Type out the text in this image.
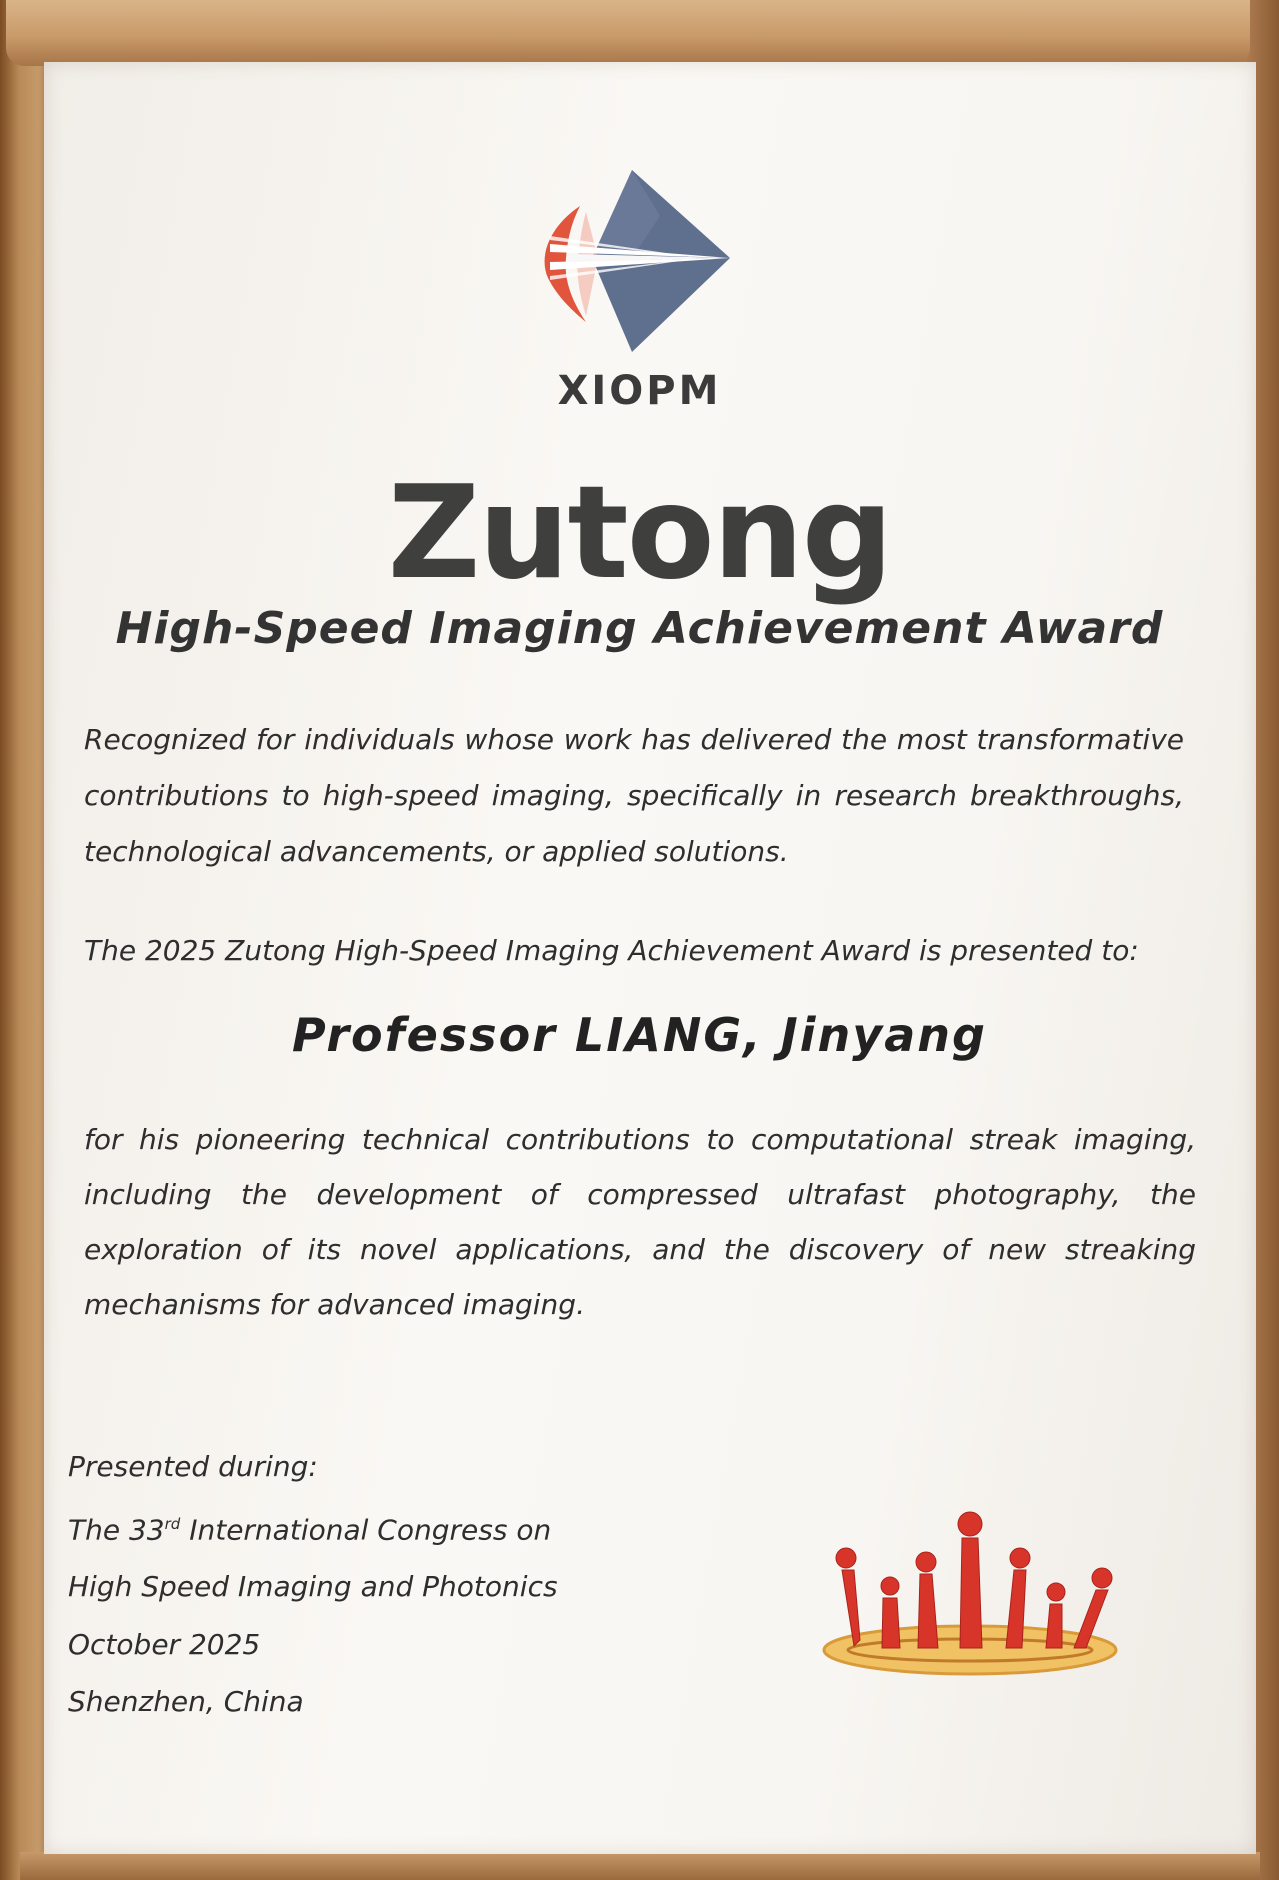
XIOPM
Zutong
High-Speed Imaging Achievement Award
Recognized for individuals whose work has delivered the most transformative contributions to high-speed imaging, specifically in research breakthroughs, technological advancements, or applied solutions.
The 2025 Zutong High-Speed Imaging Achievement Award is presented to:
Professor LIANG, Jinyang
for his pioneering technical contributions to computational streak imaging, including the development of compressed ultrafast photography, the exploration of its novel applications, and the discovery of new streaking mechanisms for advanced imaging.
Presented during:
The 33rd International Congress on
High Speed Imaging and Photonics
October 2025
Shenzhen, China
